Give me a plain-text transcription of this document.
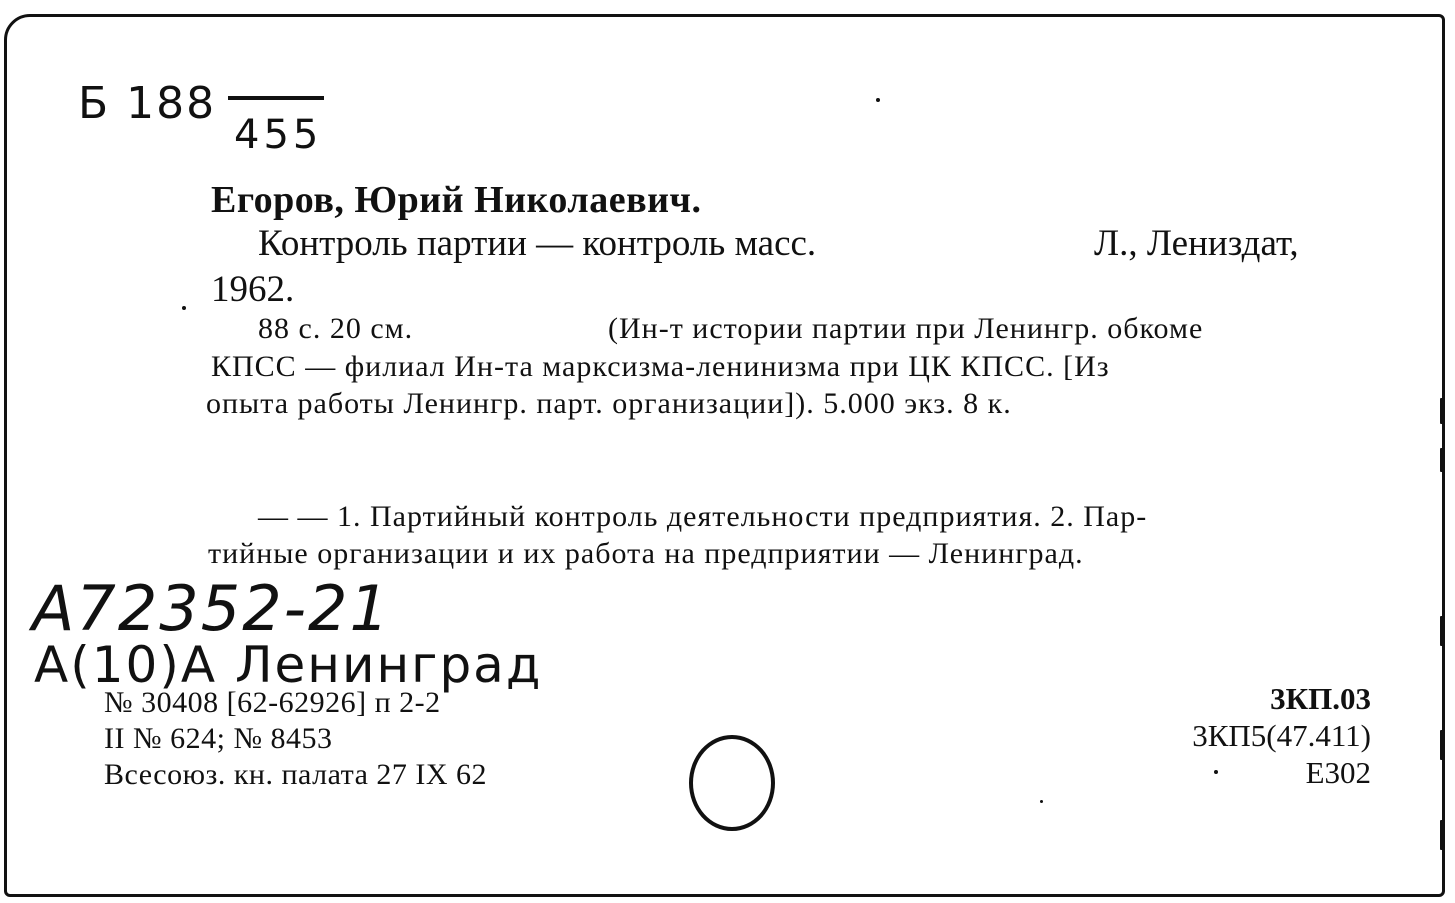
Б 188
455
Егоров, Юрий Николаевич.
Контроль партии — контроль масс.	Л., Лениздат,
1962.
88 с. 20 см.	(Ин-т истории партии при Ленингр. обкоме
КПСС — филиал Ин-та марксизма-ленинизма при ЦК КПСС. [Из
опыта работы Ленингр. парт. организации]). 5.000 экз. 8 к.
— — 1. Партийный контроль деятельности предприятия. 2. Пар-
тийные организации и их работа на предприятии — Ленинград.
А72352-21
А(10)А Ленинград
№ 30408 [62-62926] п 2-2
II № 624; № 8453
Всесоюз. кн. палата 27 IX 62
3КП.03
3КП5(47.411)
Е302
